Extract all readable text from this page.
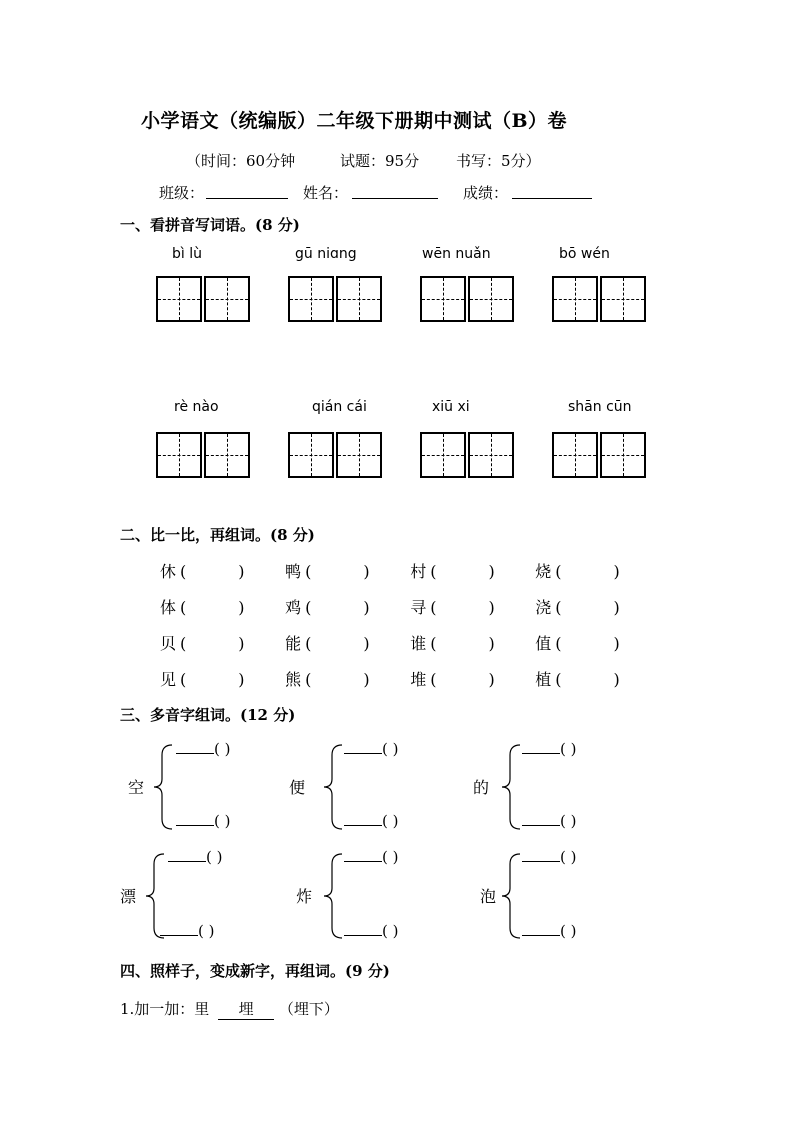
小学语文（统编版）二年级下册期中测试（B）卷
（时间：60分钟	试题：95分 书写：5分）
班级：	姓名：	成绩：
一、看拼音写词语。(8 分)
bì lù	gū niɑng	wēn nuǎn	bō wén
rè nào	qián cái	xiū xi	shān cūn
二、比一比，再组词。(8 分)
休 (	)	鸭 (	)	村 (	)	烧 (	)
体 (	)	鸡 (	)	寻 (	)	浇 (	)
贝 (	)	能 (	)	谁 (	)	值 (	)
见 (	)	熊 (	)	堆 (	)	植 (	)
三、多音字组词。(12 分)
空
( )
( )
便
( )
( )
的
( )
( )
漂
( )
( )
炸
( )
( )
泡
( )
( )
四、照样子，变成新字，再组词。(9 分)
1.加一加：里 埋 （埋下）
